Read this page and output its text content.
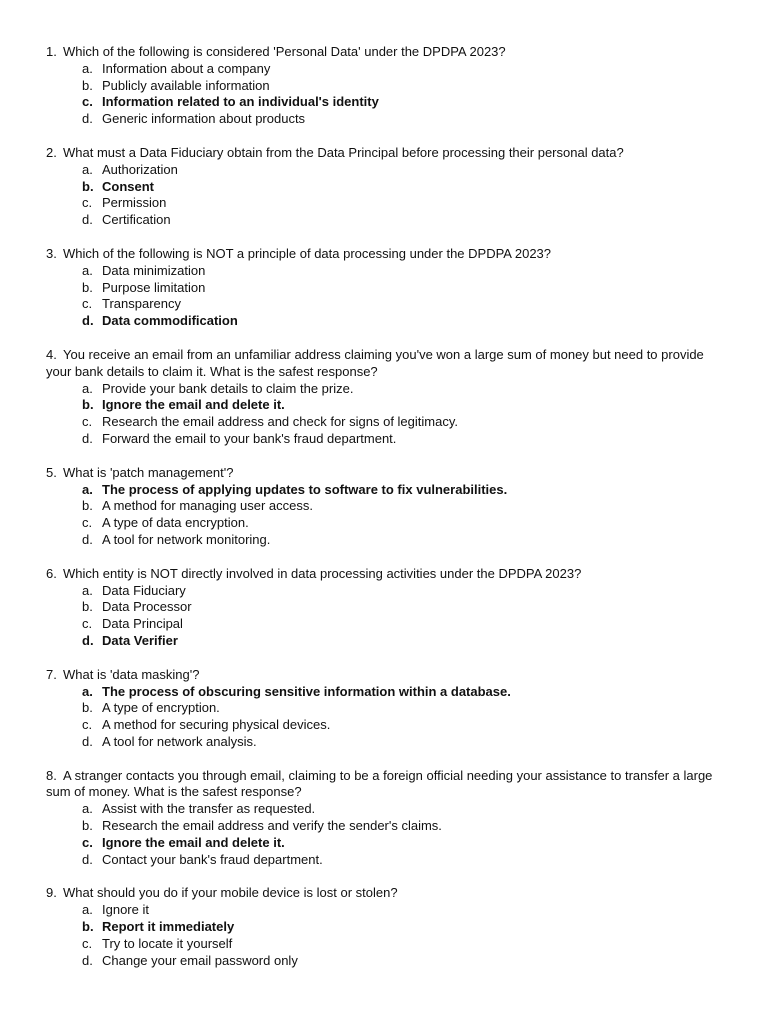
1. Which of the following is considered 'Personal Data' under the DPDPA 2023?

a. Information about a company
b. Publicly available information
c. Information related to an individual's identity
d. Generic information about products

2. What must a Data Fiduciary obtain from the Data Principal before processing their personal data?

a. Authorization
b. Consent
c. Permission
d. Certification

3. Which of the following is NOT a principle of data processing under the DPDPA 2023?

a. Data minimization
b. Purpose limitation
c. Transparency
d. Data commodification

4. You receive an email from an unfamiliar address claiming you've won a large sum of money but need to provide your bank details to claim it. What is the safest response?

a. Provide your bank details to claim the prize.
b. Ignore the email and delete it.
c. Research the email address and check for signs of legitimacy.
d. Forward the email to your bank's fraud department.

5. What is 'patch management'?

a. The process of applying updates to software to fix vulnerabilities.
b. A method for managing user access.
c. A type of data encryption.
d. A tool for network monitoring.

6. Which entity is NOT directly involved in data processing activities under the DPDPA 2023?

a. Data Fiduciary
b. Data Processor
c. Data Principal
d. Data Verifier

7. What is 'data masking'?

a. The process of obscuring sensitive information within a database.
b. A type of encryption.
c. A method for securing physical devices.
d. A tool for network analysis.

8. A stranger contacts you through email, claiming to be a foreign official needing your assistance to transfer a large sum of money. What is the safest response?

a. Assist with the transfer as requested.
b. Research the email address and verify the sender's claims.
c. Ignore the email and delete it.
d. Contact your bank's fraud department.

9. What should you do if your mobile device is lost or stolen?

a. Ignore it
b. Report it immediately
c. Try to locate it yourself
d. Change your email password only
